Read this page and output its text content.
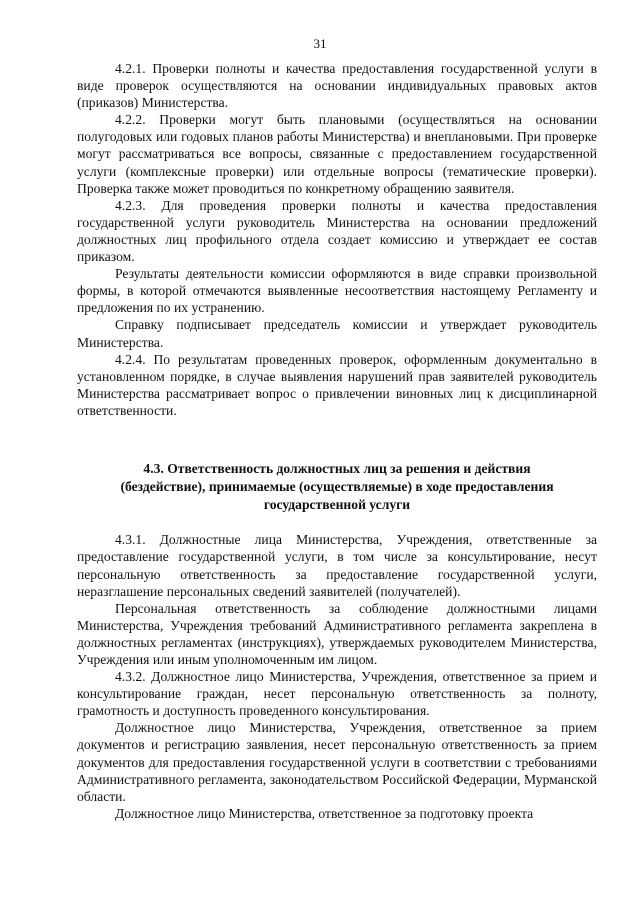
31

4.2.1. Проверки полноты и качества предоставления государственной услуги в виде проверок осуществляются на основании индивидуальных правовых актов (приказов) Министерства.

4.2.2. Проверки могут быть плановыми (осуществляться на основании полугодовых или годовых планов работы Министерства) и внеплановыми. При проверке могут рассматриваться все вопросы, связанные с предоставлением государственной услуги (комплексные проверки) или отдельные вопросы (тематические проверки). Проверка также может проводиться по конкретному обращению заявителя.

4.2.3. Для проведения проверки полноты и качества предоставления государственной услуги руководитель Министерства на основании предложений должностных лиц профильного отдела создает комиссию и утверждает ее состав приказом.

Результаты деятельности комиссии оформляются в виде справки произвольной формы, в которой отмечаются выявленные несоответствия настоящему Регламенту и предложения по их устранению.

Справку подписывает председатель комиссии и утверждает руководитель Министерства.

4.2.4. По результатам проведенных проверок, оформленным документально в установленном порядке, в случае выявления нарушений прав заявителей руководитель Министерства рассматривает вопрос о привлечении виновных лиц к дисциплинарной ответственности.

4.3. Ответственность должностных лиц за решения и действия (бездействие), принимаемые (осуществляемые) в ходе предоставления государственной услуги

4.3.1. Должностные лица Министерства, Учреждения, ответственные за предоставление государственной услуги, в том числе за консультирование, несут персональную ответственность за предоставление государственной услуги, неразглашение персональных сведений заявителей (получателей).

Персональная ответственность за соблюдение должностными лицами Министерства, Учреждения требований Административного регламента закреплена в должностных регламентах (инструкциях), утверждаемых руководителем Министерства, Учреждения или иным уполномоченным им лицом.

4.3.2. Должностное лицо Министерства, Учреждения, ответственное за прием и консультирование граждан, несет персональную ответственность за полноту, грамотность и доступность проведенного консультирования.

Должностное лицо Министерства, Учреждения, ответственное за прием документов и регистрацию заявления, несет персональную ответственность за прием документов для предоставления государственной услуги в соответствии с требованиями Административного регламента, законодательством Российской Федерации, Мурманской области.

Должностное лицо Министерства, ответственное за подготовку проекта
